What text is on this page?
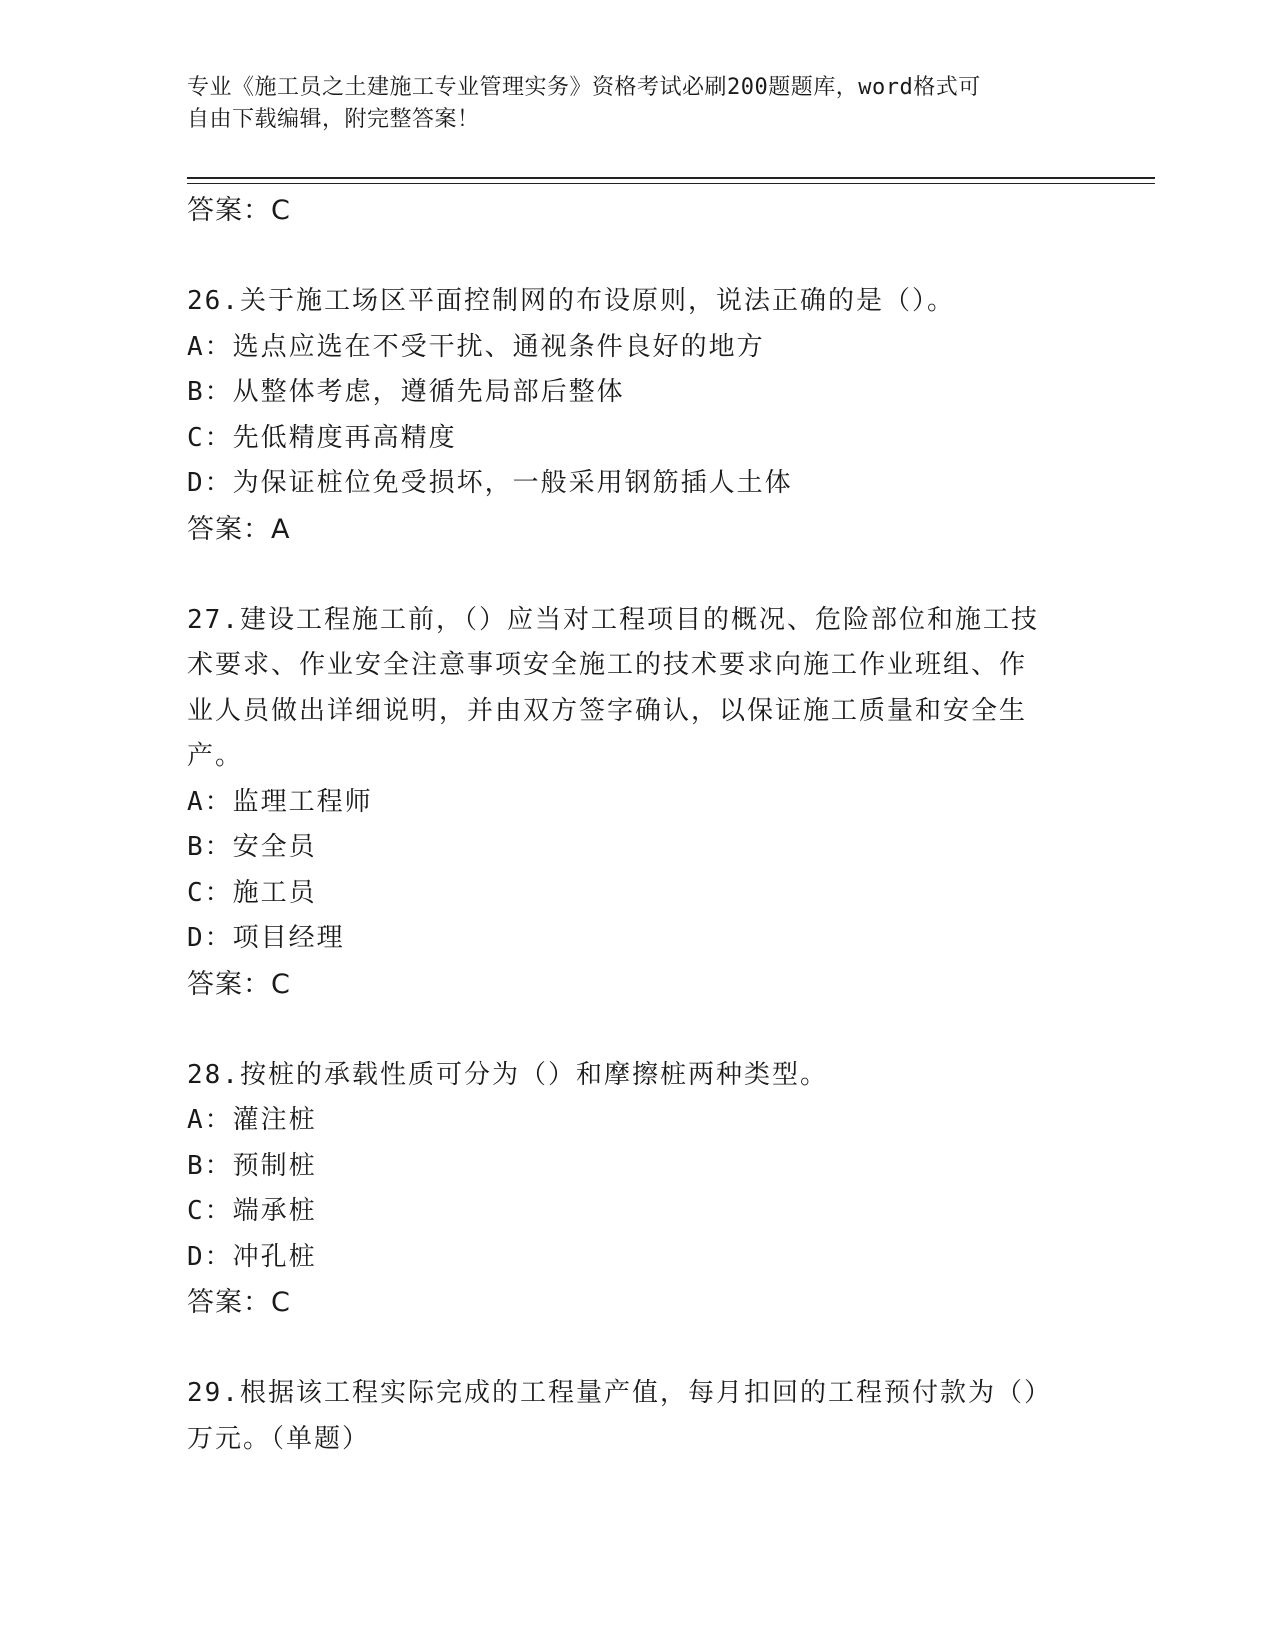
专业《施工员之土建施工专业管理实务》资格考试必刷200题题库，word格式可
自由下载编辑，附完整答案！
答案：C
26.关于施工场区平面控制网的布设原则，说法正确的是（）。
A：选点应选在不受干扰、通视条件良好的地方
B：从整体考虑，遵循先局部后整体
C：先低精度再高精度
D：为保证桩位免受损坏，一般采用钢筋插人土体
答案：A
27.建设工程施工前，（）应当对工程项目的概况、危险部位和施工技
术要求、作业安全注意事项安全施工的技术要求向施工作业班组、作
业人员做出详细说明，并由双方签字确认，以保证施工质量和安全生
产。
A：监理工程师
B：安全员
C：施工员
D：项目经理
答案：C
28.按桩的承载性质可分为（）和摩擦桩两种类型。
A：灌注桩
B：预制桩
C：端承桩
D：冲孔桩
答案：C
29.根据该工程实际完成的工程量产值，每月扣回的工程预付款为（）
万元。（单题）
